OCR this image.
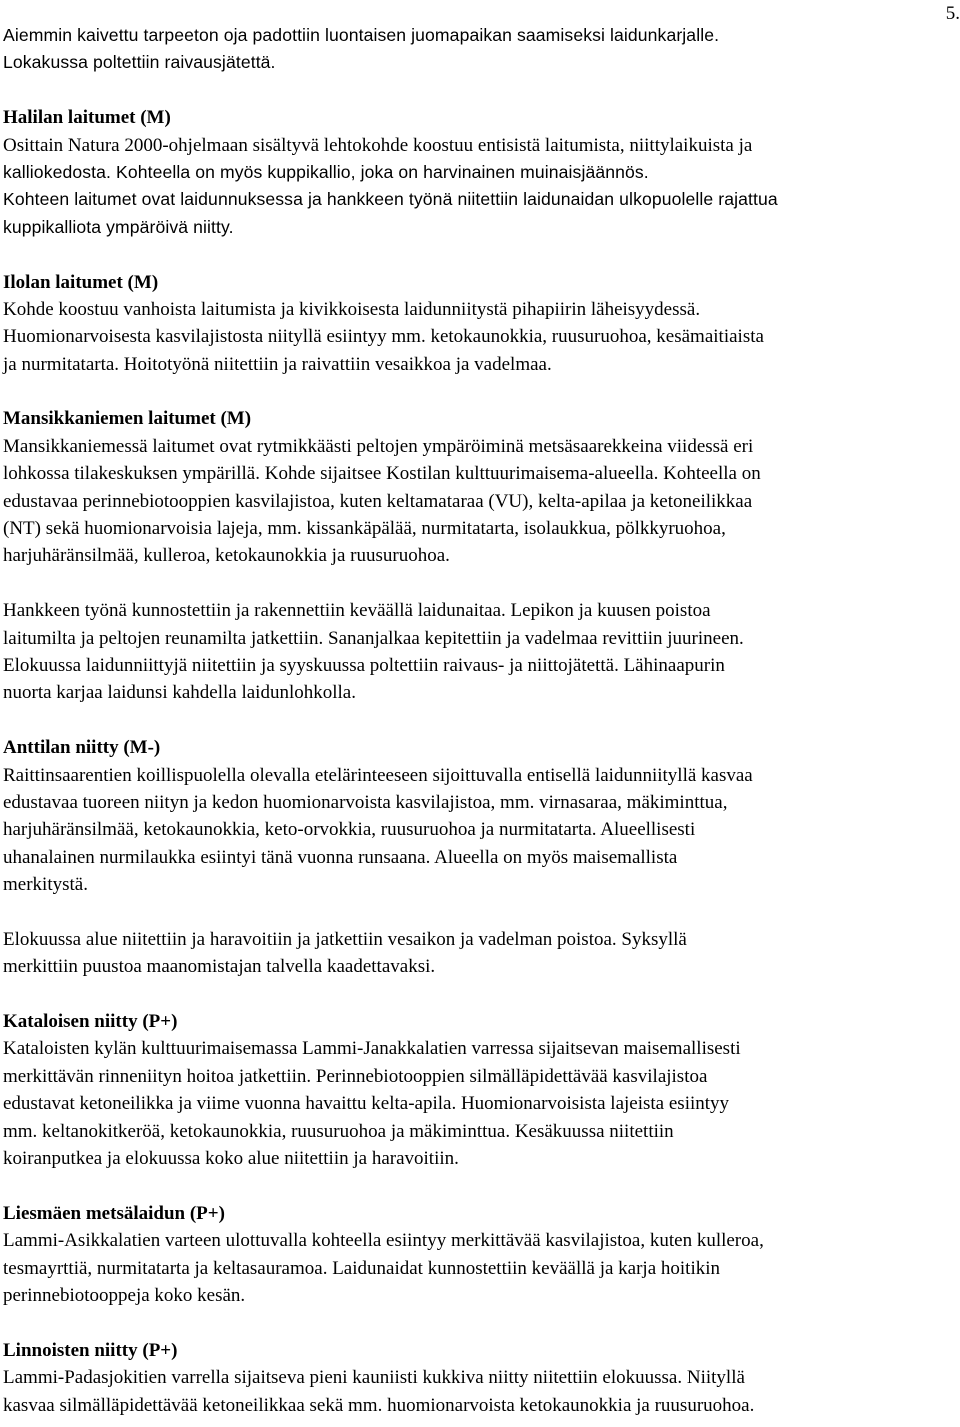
5.
Aiemmin kaivettu tarpeeton oja padottiin luontaisen juomapaikan saamiseksi laidunkarjalle.
Lokakussa poltettiin raivausjätettä.
Halilan laitumet (M)
Osittain Natura 2000-ohjelmaan sisältyvä lehtokohde koostuu entisistä laitumista, niittylaikuista ja
kalliokedosta. Kohteella on myös kuppikallio, joka on harvinainen muinaisjäännös.
Kohteen laitumet ovat laidunnuksessa ja hankkeen työnä niitettiin laidunaidan ulkopuolelle rajattua
kuppikalliota ympäröivä niitty.
Ilolan laitumet (M)
Kohde koostuu vanhoista laitumista ja kivikkoisesta laidunniitystä pihapiirin läheisyydessä.
Huomionarvoisesta kasvilajistosta niityllä esiintyy mm. ketokaunokkia, ruusuruohoa, kesämaitiaista
ja nurmitatarta. Hoitotyönä niitettiin ja raivattiin vesaikkoa ja vadelmaa.
Mansikkaniemen laitumet (M)
Mansikkaniemessä laitumet ovat rytmikkäästi peltojen ympäröiminä metsäsaarekkeina viidessä eri
lohkossa tilakeskuksen ympärillä. Kohde sijaitsee Kostilan kulttuurimaisema-alueella. Kohteella on
edustavaa perinnebiotooppien kasvilajistoa, kuten keltamataraa (VU), kelta-apilaa ja ketoneilikkaa
(NT) sekä huomionarvoisia lajeja, mm. kissankäpälää, nurmitatarta, isolaukkua, pölkkyruohoa,
harjuhäränsilmää, kulleroa, ketokaunokkia ja ruusuruohoa.
Hankkeen työnä kunnostettiin ja rakennettiin keväällä laidunaitaa. Lepikon ja kuusen poistoa
laitumilta ja peltojen reunamilta jatkettiin. Sananjalkaa kepitettiin ja vadelmaa revittiin juurineen.
Elokuussa laidunniittyjä niitettiin ja syyskuussa poltettiin raivaus- ja niittojätettä. Lähinaapurin
nuorta karjaa laidunsi kahdella laidunlohkolla.
Anttilan niitty (M-)
Raittinsaarentien koillispuolella olevalla etelärinteeseen sijoittuvalla entisellä laidunniityllä kasvaa
edustavaa tuoreen niityn ja kedon huomionarvoista kasvilajistoa, mm. virnasaraa, mäkiminttua,
harjuhäränsilmää, ketokaunokkia, keto-orvokkia, ruusuruohoa ja nurmitatarta. Alueellisesti
uhanalainen nurmilaukka esiintyi tänä vuonna runsaana. Alueella on myös maisemallista
merkitystä.
Elokuussa alue niitettiin ja haravoitiin ja jatkettiin vesaikon ja vadelman poistoa. Syksyllä
merkittiin puustoa maanomistajan talvella kaadettavaksi.
Kataloisen niitty (P+)
Kataloisten kylän kulttuurimaisemassa Lammi-Janakkalatien varressa sijaitsevan maisemallisesti
merkittävän rinneniityn hoitoa jatkettiin. Perinnebiotooppien silmälläpidettävää kasvilajistoa
edustavat ketoneilikka ja viime vuonna havaittu kelta-apila. Huomionarvoisista lajeista esiintyy
mm. keltanokitkeröä, ketokaunokkia, ruusuruohoa ja mäkiminttua. Kesäkuussa niitettiin
koiranputkea ja elokuussa koko alue niitettiin ja haravoitiin.
Liesmäen metsälaidun (P+)
Lammi-Asikkalatien varteen ulottuvalla kohteella esiintyy merkittävää kasvilajistoa, kuten kulleroa,
tesmayrttiä, nurmitatarta ja keltasauramoa. Laidunaidat kunnostettiin keväällä ja karja hoitikin
perinnebiotooppeja koko kesän.
Linnoisten niitty (P+)
Lammi-Padasjokitien varrella sijaitseva pieni kauniisti kukkiva niitty niitettiin elokuussa. Niityllä
kasvaa silmälläpidettävää ketoneilikkaa sekä mm. huomionarvoista ketokaunokkia ja ruusuruohoa.
